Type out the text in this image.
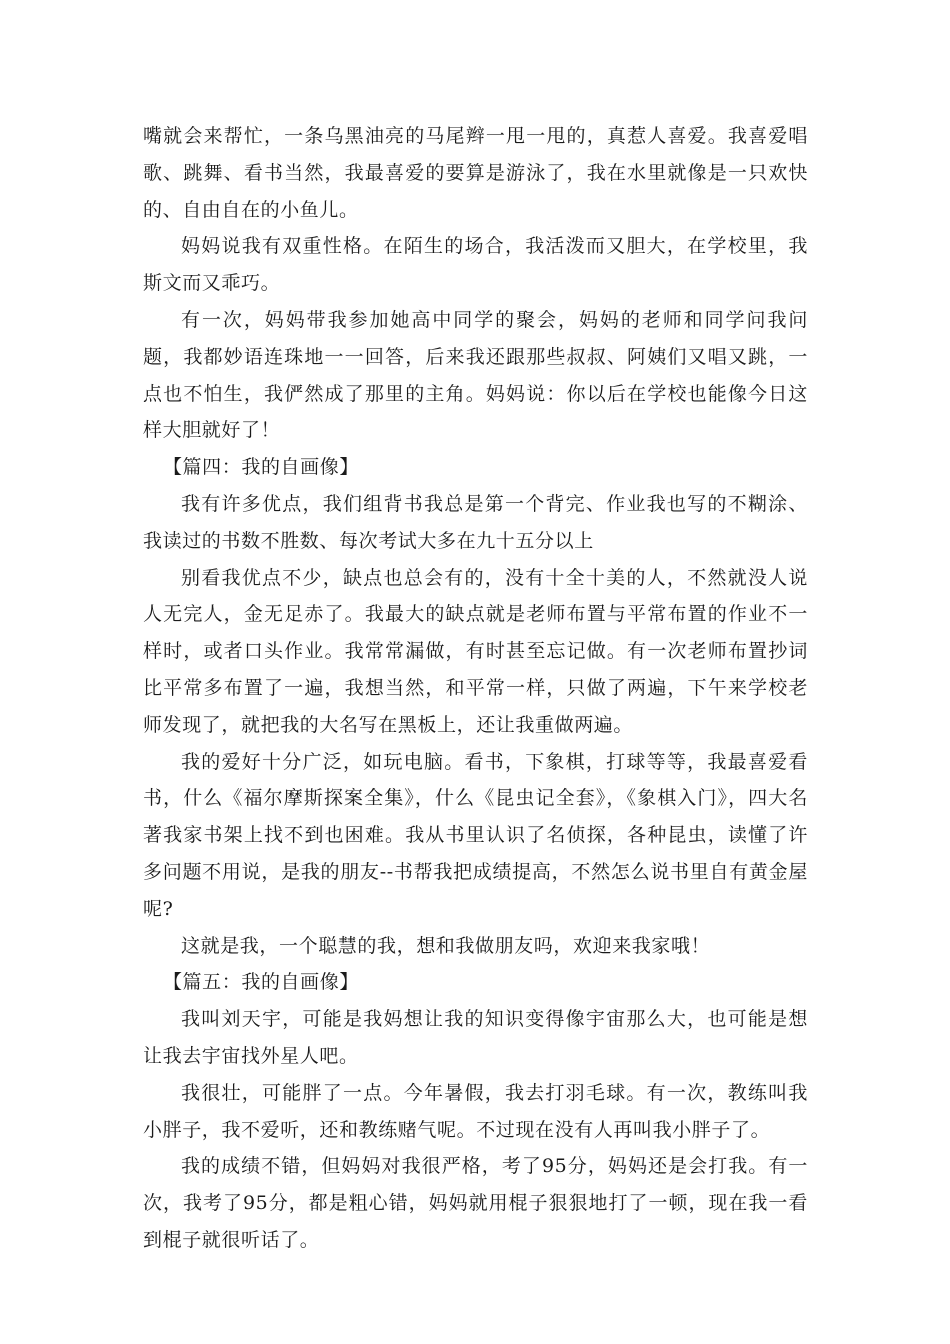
嘴就会来帮忙，一条乌黑油亮的马尾辫一甩一甩的，真惹人喜爱。我喜爱唱歌、跳舞、看书当然，我最喜爱的要算是游泳了，我在水里就像是一只欢快的、自由自在的小鱼儿。

妈妈说我有双重性格。在陌生的场合，我活泼而又胆大，在学校里，我斯文而又乖巧。

有一次，妈妈带我参加她高中同学的聚会，妈妈的老师和同学问我问题，我都妙语连珠地一一回答，后来我还跟那些叔叔、阿姨们又唱又跳，一点也不怕生，我俨然成了那里的主角。妈妈说：你以后在学校也能像今日这样大胆就好了！

【篇四：我的自画像】

我有许多优点，我们组背书我总是第一个背完、作业我也写的不糊涂、我读过的书数不胜数、每次考试大多在九十五分以上

别看我优点不少，缺点也总会有的，没有十全十美的人，不然就没人说人无完人，金无足赤了。我最大的缺点就是老师布置与平常布置的作业不一样时，或者口头作业。我常常漏做，有时甚至忘记做。有一次老师布置抄词比平常多布置了一遍，我想当然，和平常一样，只做了两遍，下午来学校老师发现了，就把我的大名写在黑板上，还让我重做两遍。

我的爱好十分广泛，如玩电脑。看书，下象棋，打球等等，我最喜爱看书，什么《福尔摩斯探案全集》，什么《昆虫记全套》，《象棋入门》，四大名著我家书架上找不到也困难。我从书里认识了名侦探，各种昆虫，读懂了许多问题不用说，是我的朋友--书帮我把成绩提高，不然怎么说书里自有黄金屋呢?

这就是我，一个聪慧的我，想和我做朋友吗，欢迎来我家哦！

【篇五：我的自画像】

我叫刘天宇，可能是我妈想让我的知识变得像宇宙那么大，也可能是想让我去宇宙找外星人吧。

我很壮，可能胖了一点。今年暑假，我去打羽毛球。有一次，教练叫我小胖子，我不爱听，还和教练赌气呢。不过现在没有人再叫我小胖子了。

我的成绩不错，但妈妈对我很严格，考了95分，妈妈还是会打我。有一次，我考了95分，都是粗心错，妈妈就用棍子狠狠地打了一顿，现在我一看到棍子就很听话了。
